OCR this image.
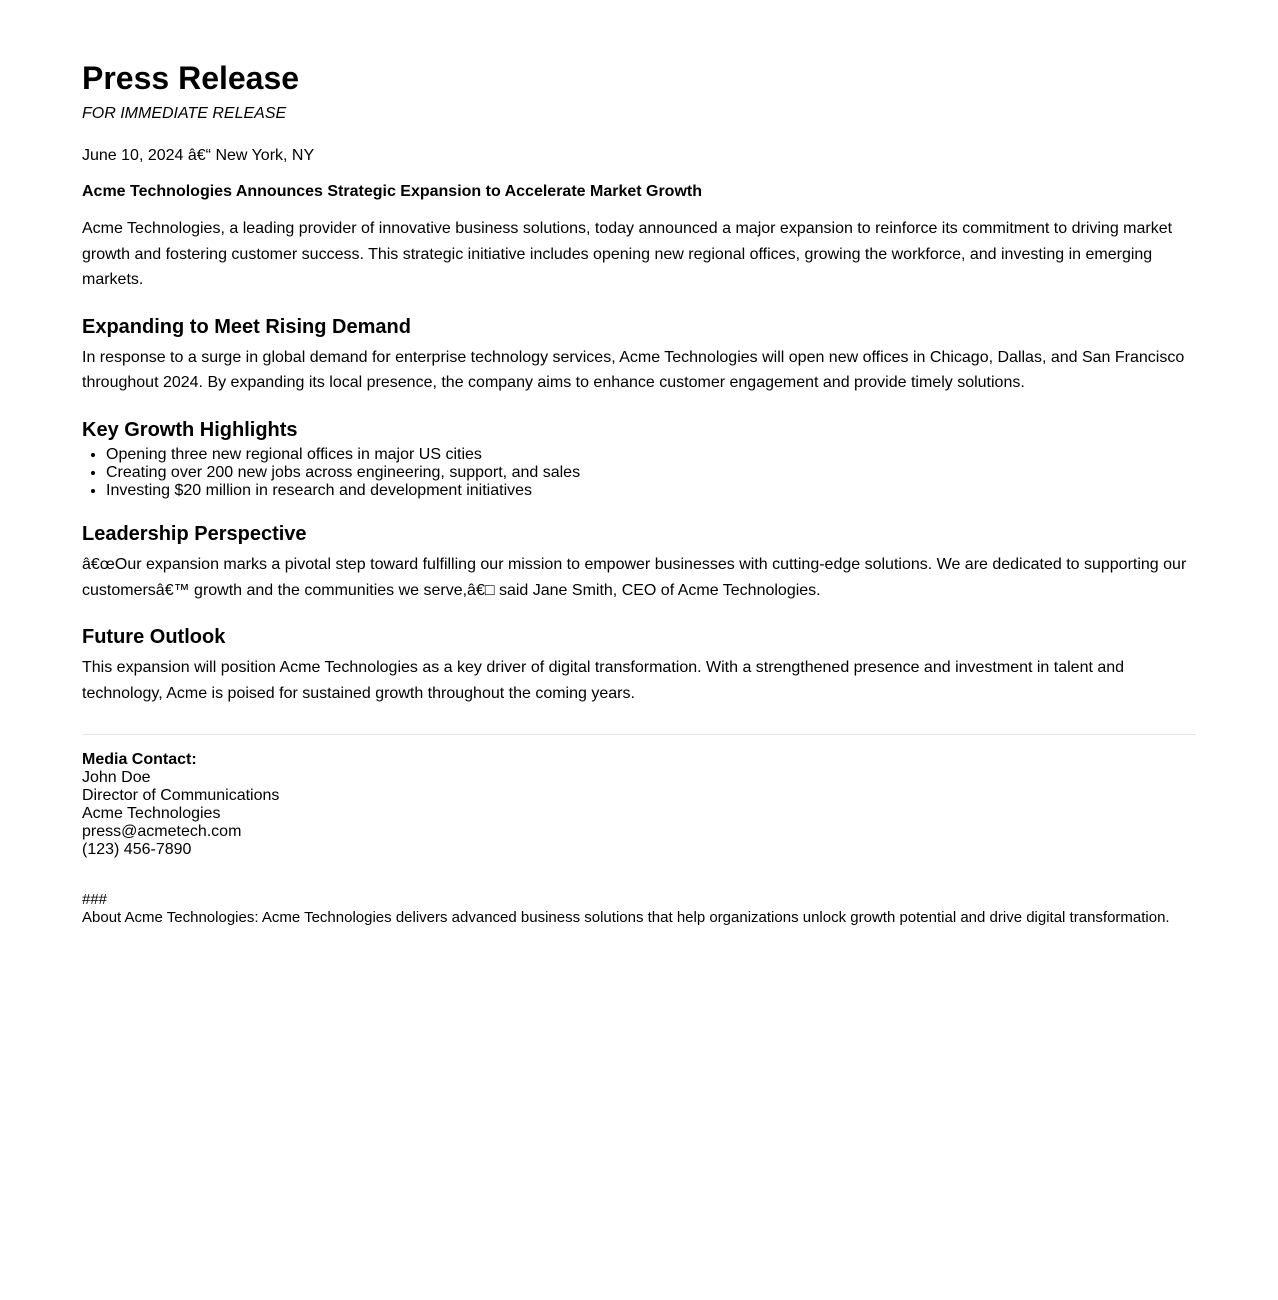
Press Release
FOR IMMEDIATE RELEASE
June 10, 2024 â€“ New York, NY
Acme Technologies Announces Strategic Expansion to Accelerate Market Growth

Acme Technologies, a leading provider of innovative business solutions, today announced a major expansion to reinforce its commitment to driving market growth and fostering customer success. This strategic initiative includes opening new regional offices, growing the workforce, and investing in emerging markets.

Expanding to Meet Rising Demand

In response to a surge in global demand for enterprise technology services, Acme Technologies will open new offices in Chicago, Dallas, and San Francisco throughout 2024. By expanding its local presence, the company aims to enhance customer engagement and provide timely solutions.

Key Growth Highlights
• Opening three new regional offices in major US cities
• Creating over 200 new jobs across engineering, support, and sales
• Investing $20 million in research and development initiatives
Leadership Perspective

â€œOur expansion marks a pivotal step toward fulfilling our mission to empower businesses with cutting-edge solutions. We are dedicated to supporting our customersâ€™ growth and the communities we serve,â€□ said Jane Smith, CEO of Acme Technologies.

Future Outlook

This expansion will position Acme Technologies as a key driver of digital transformation. With a strengthened presence and investment in talent and technology, Acme is poised for sustained growth throughout the coming years.

Media Contact:
John Doe
Director of Communications
Acme Technologies
press@acmetech.com
(123) 456-7890
###
About Acme Technologies: Acme Technologies delivers advanced business solutions that help organizations unlock growth potential and drive digital transformation.
